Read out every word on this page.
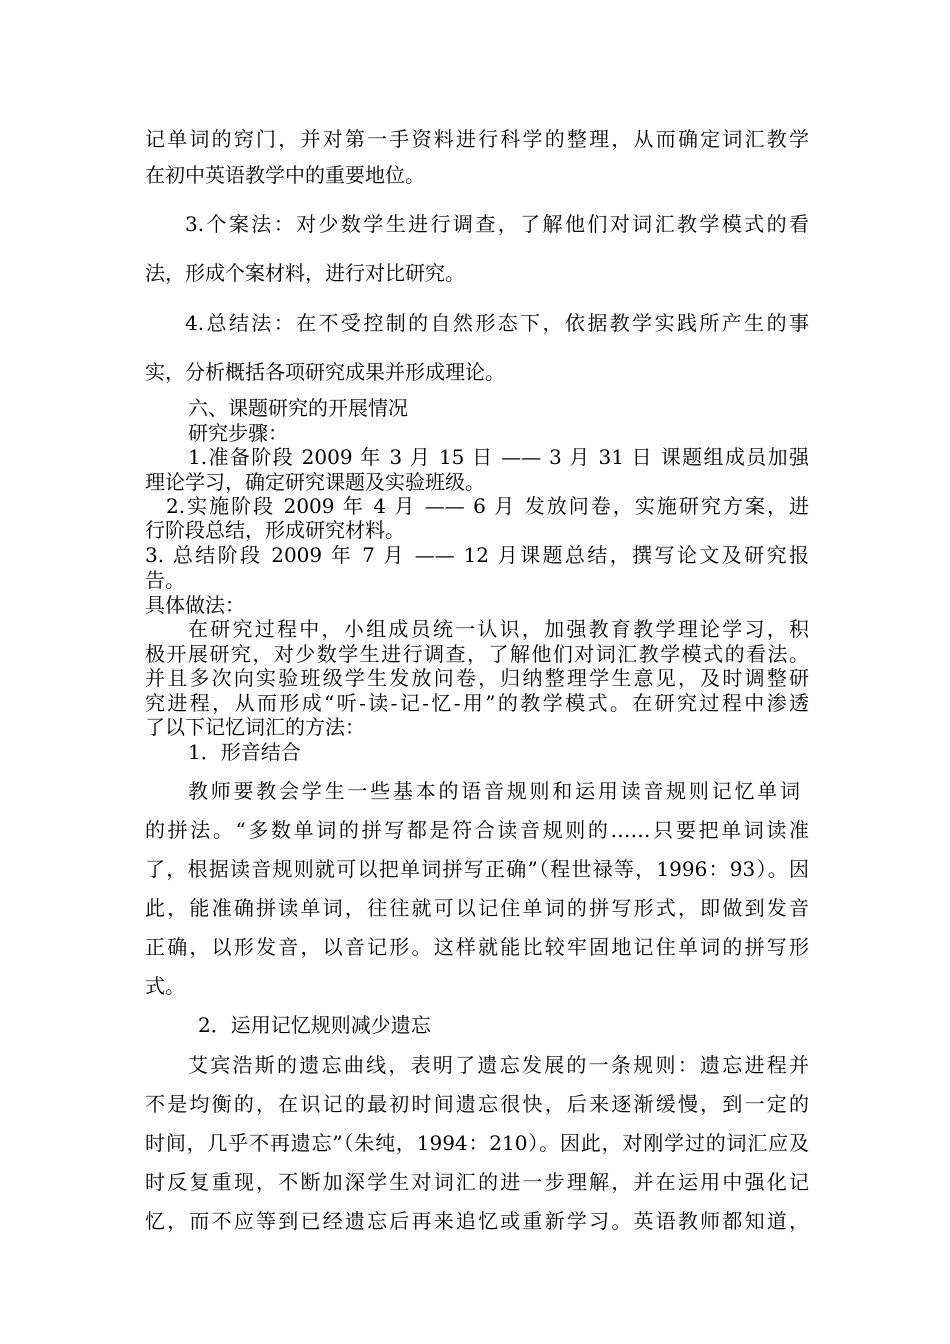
记单词的窍门，并对第一手资料进行科学的整理，从而确定词汇教学
在初中英语教学中的重要地位。
3.个案法：对少数学生进行调查，了解他们对词汇教学模式的看
法，形成个案材料，进行对比研究。
4.总结法：在不受控制的自然形态下，依据教学实践所产生的事
实，分析概括各项研究成果并形成理论。
六、课题研究的开展情况
研究步骤：
1.准备阶段 2009 年 3 月 15 日 —— 3 月 31 日 课题组成员加强
理论学习，确定研究课题及实验班级。
2.实施阶段 2009 年 4 月 —— 6 月 发放问卷，实施研究方案，进
行阶段总结，形成研究材料。
3. 总结阶段 2009 年 7 月 —— 12 月课题总结，撰写论文及研究报
告。
具体做法：
在研究过程中，小组成员统一认识，加强教育教学理论学习，积
极开展研究，对少数学生进行调查，了解他们对词汇教学模式的看法。
并且多次向实验班级学生发放问卷，归纳整理学生意见，及时调整研
究进程，从而形成“听-读-记-忆-用”的教学模式。在研究过程中渗透
了以下记忆词汇的方法：
1．形音结合
教师要教会学生一些基本的语音规则和运用读音规则记忆单词
的拼法。“多数单词的拼写都是符合读音规则的……只要把单词读准
了，根据读音规则就可以把单词拼写正确”（程世禄等，1996：93）。因
此，能准确拼读单词，往往就可以记住单词的拼写形式，即做到发音
正确，以形发音，以音记形。这样就能比较牢固地记住单词的拼写形
式。
2．运用记忆规则减少遗忘
艾宾浩斯的遗忘曲线，表明了遗忘发展的一条规则：遗忘进程并
不是均衡的，在识记的最初时间遗忘很快，后来逐渐缓慢，到一定的
时间，几乎不再遗忘”（朱纯，1994：210）。因此，对刚学过的词汇应及
时反复重现，不断加深学生对词汇的进一步理解，并在运用中强化记
忆，而不应等到已经遗忘后再来追忆或重新学习。英语教师都知道，
